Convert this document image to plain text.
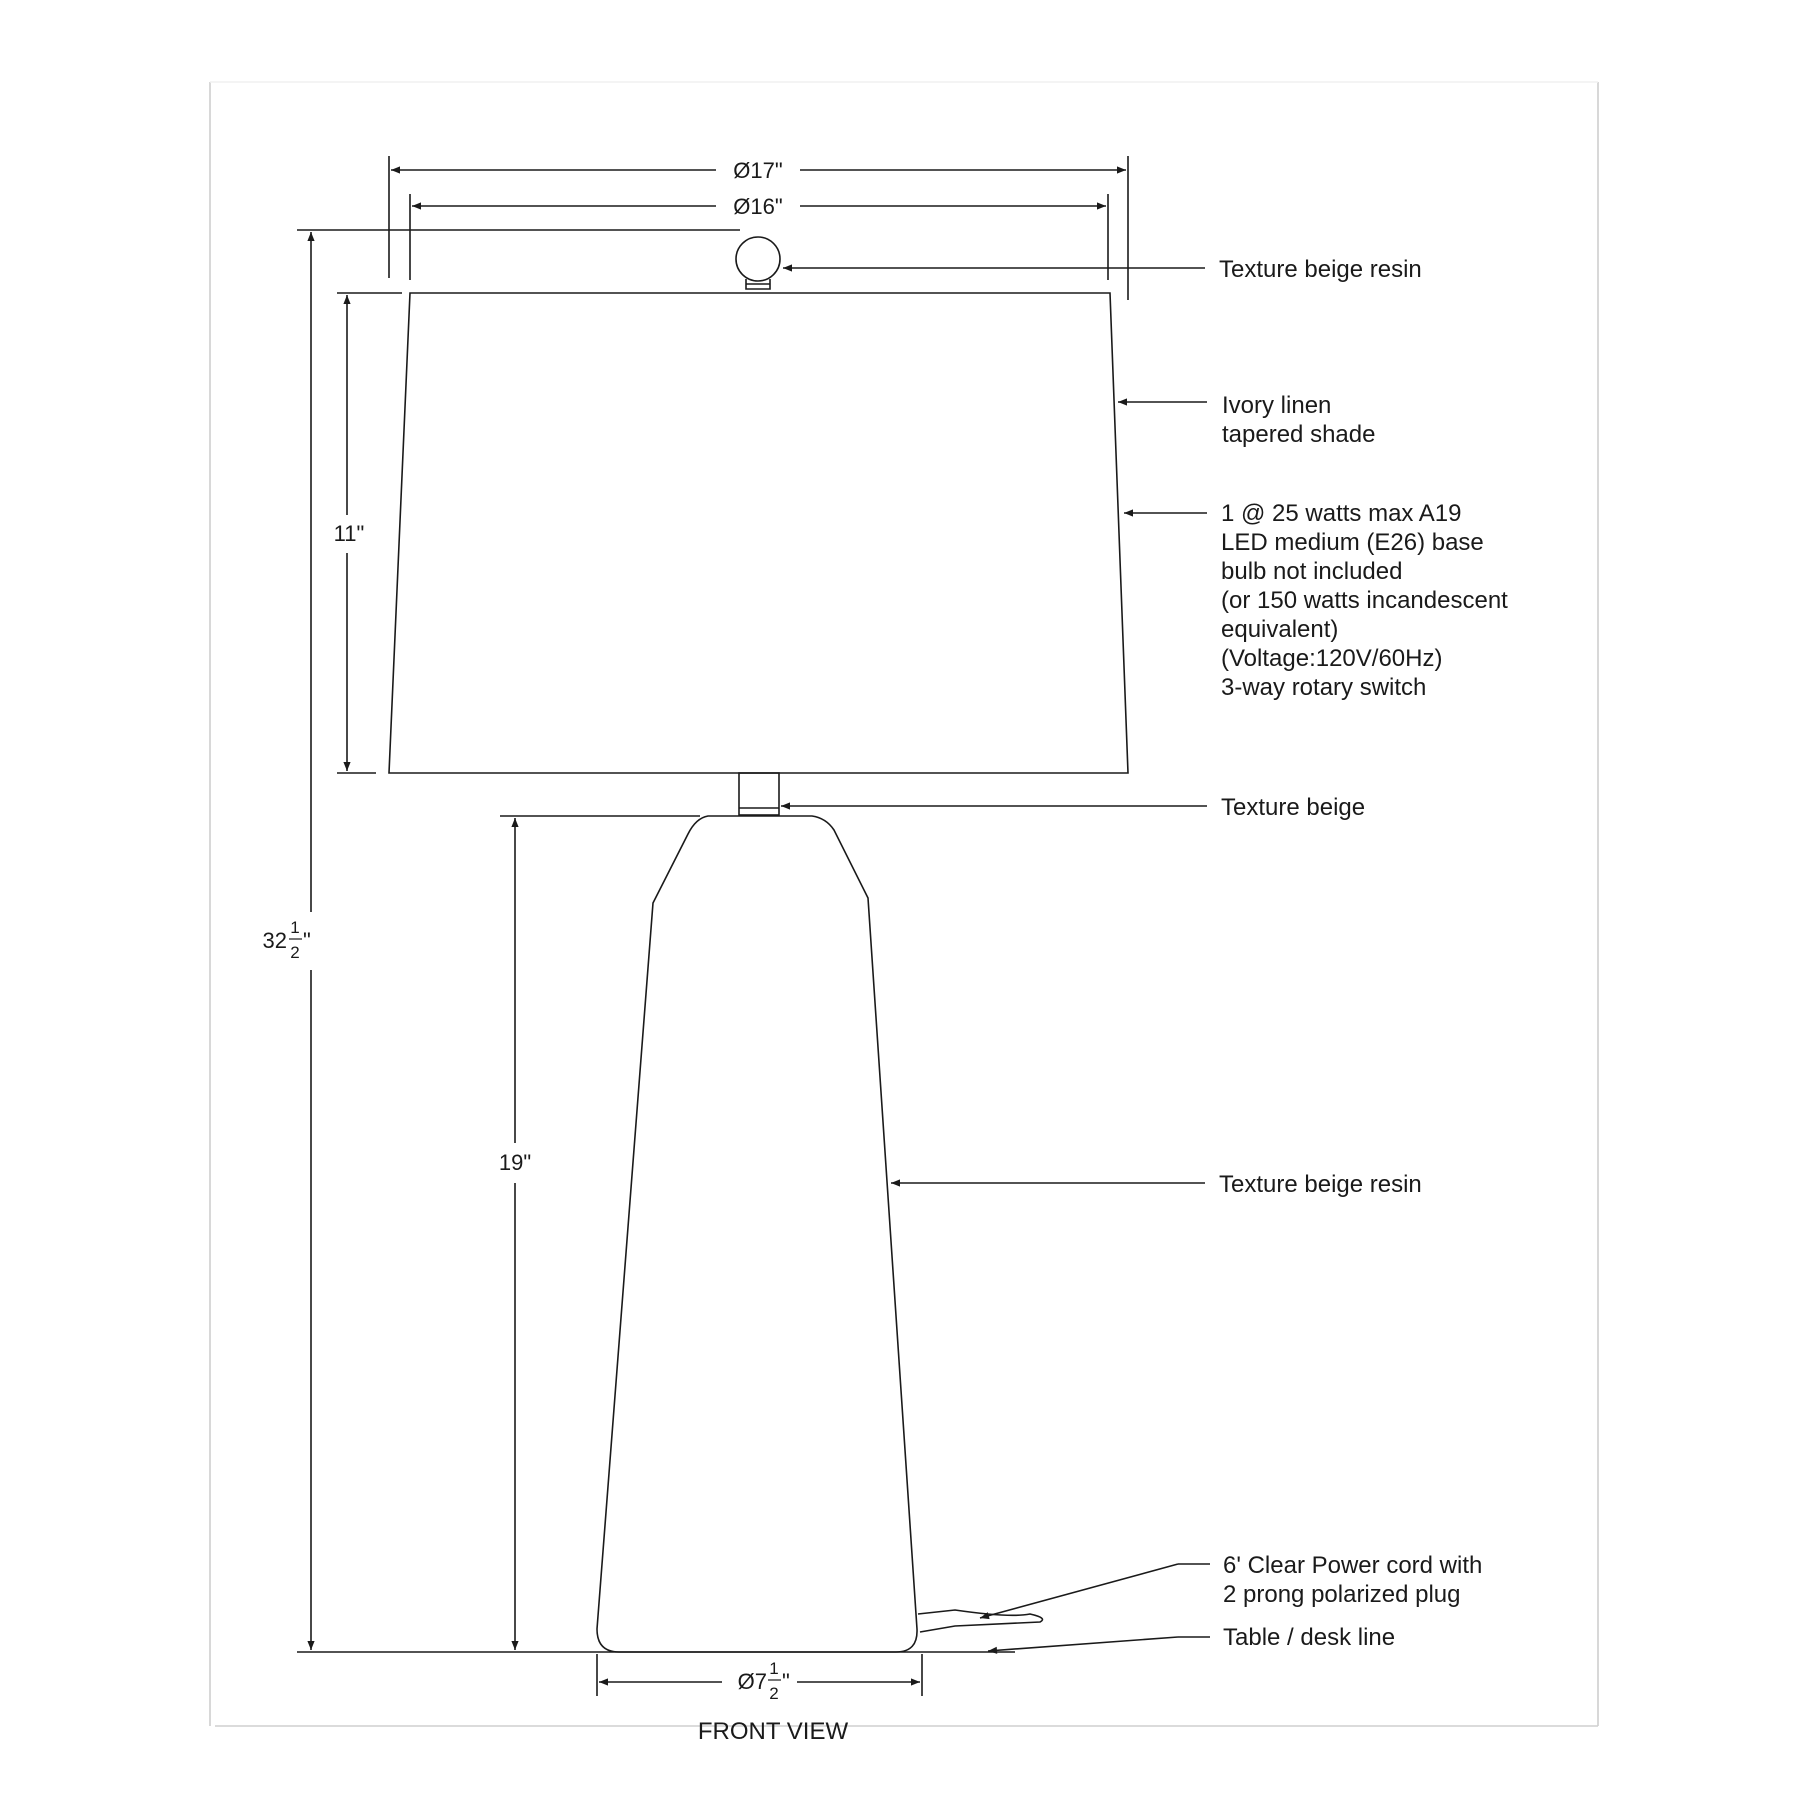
Ø17"
Ø16"
11"
19"
32
1
2 "
Ø7
1
2 "
Texture beige resin
Ivory linen tapered shade
1 @ 25 watts max A19 LED medium (E26) base bulb not included (or 150 watts incandescent equivalent) (Voltage:120V/60Hz) 3-way rotary switch
Texture beige
Texture beige resin
6' Clear Power cord with 2 prong polarized plug
Table / desk line
FRONT VIEW
